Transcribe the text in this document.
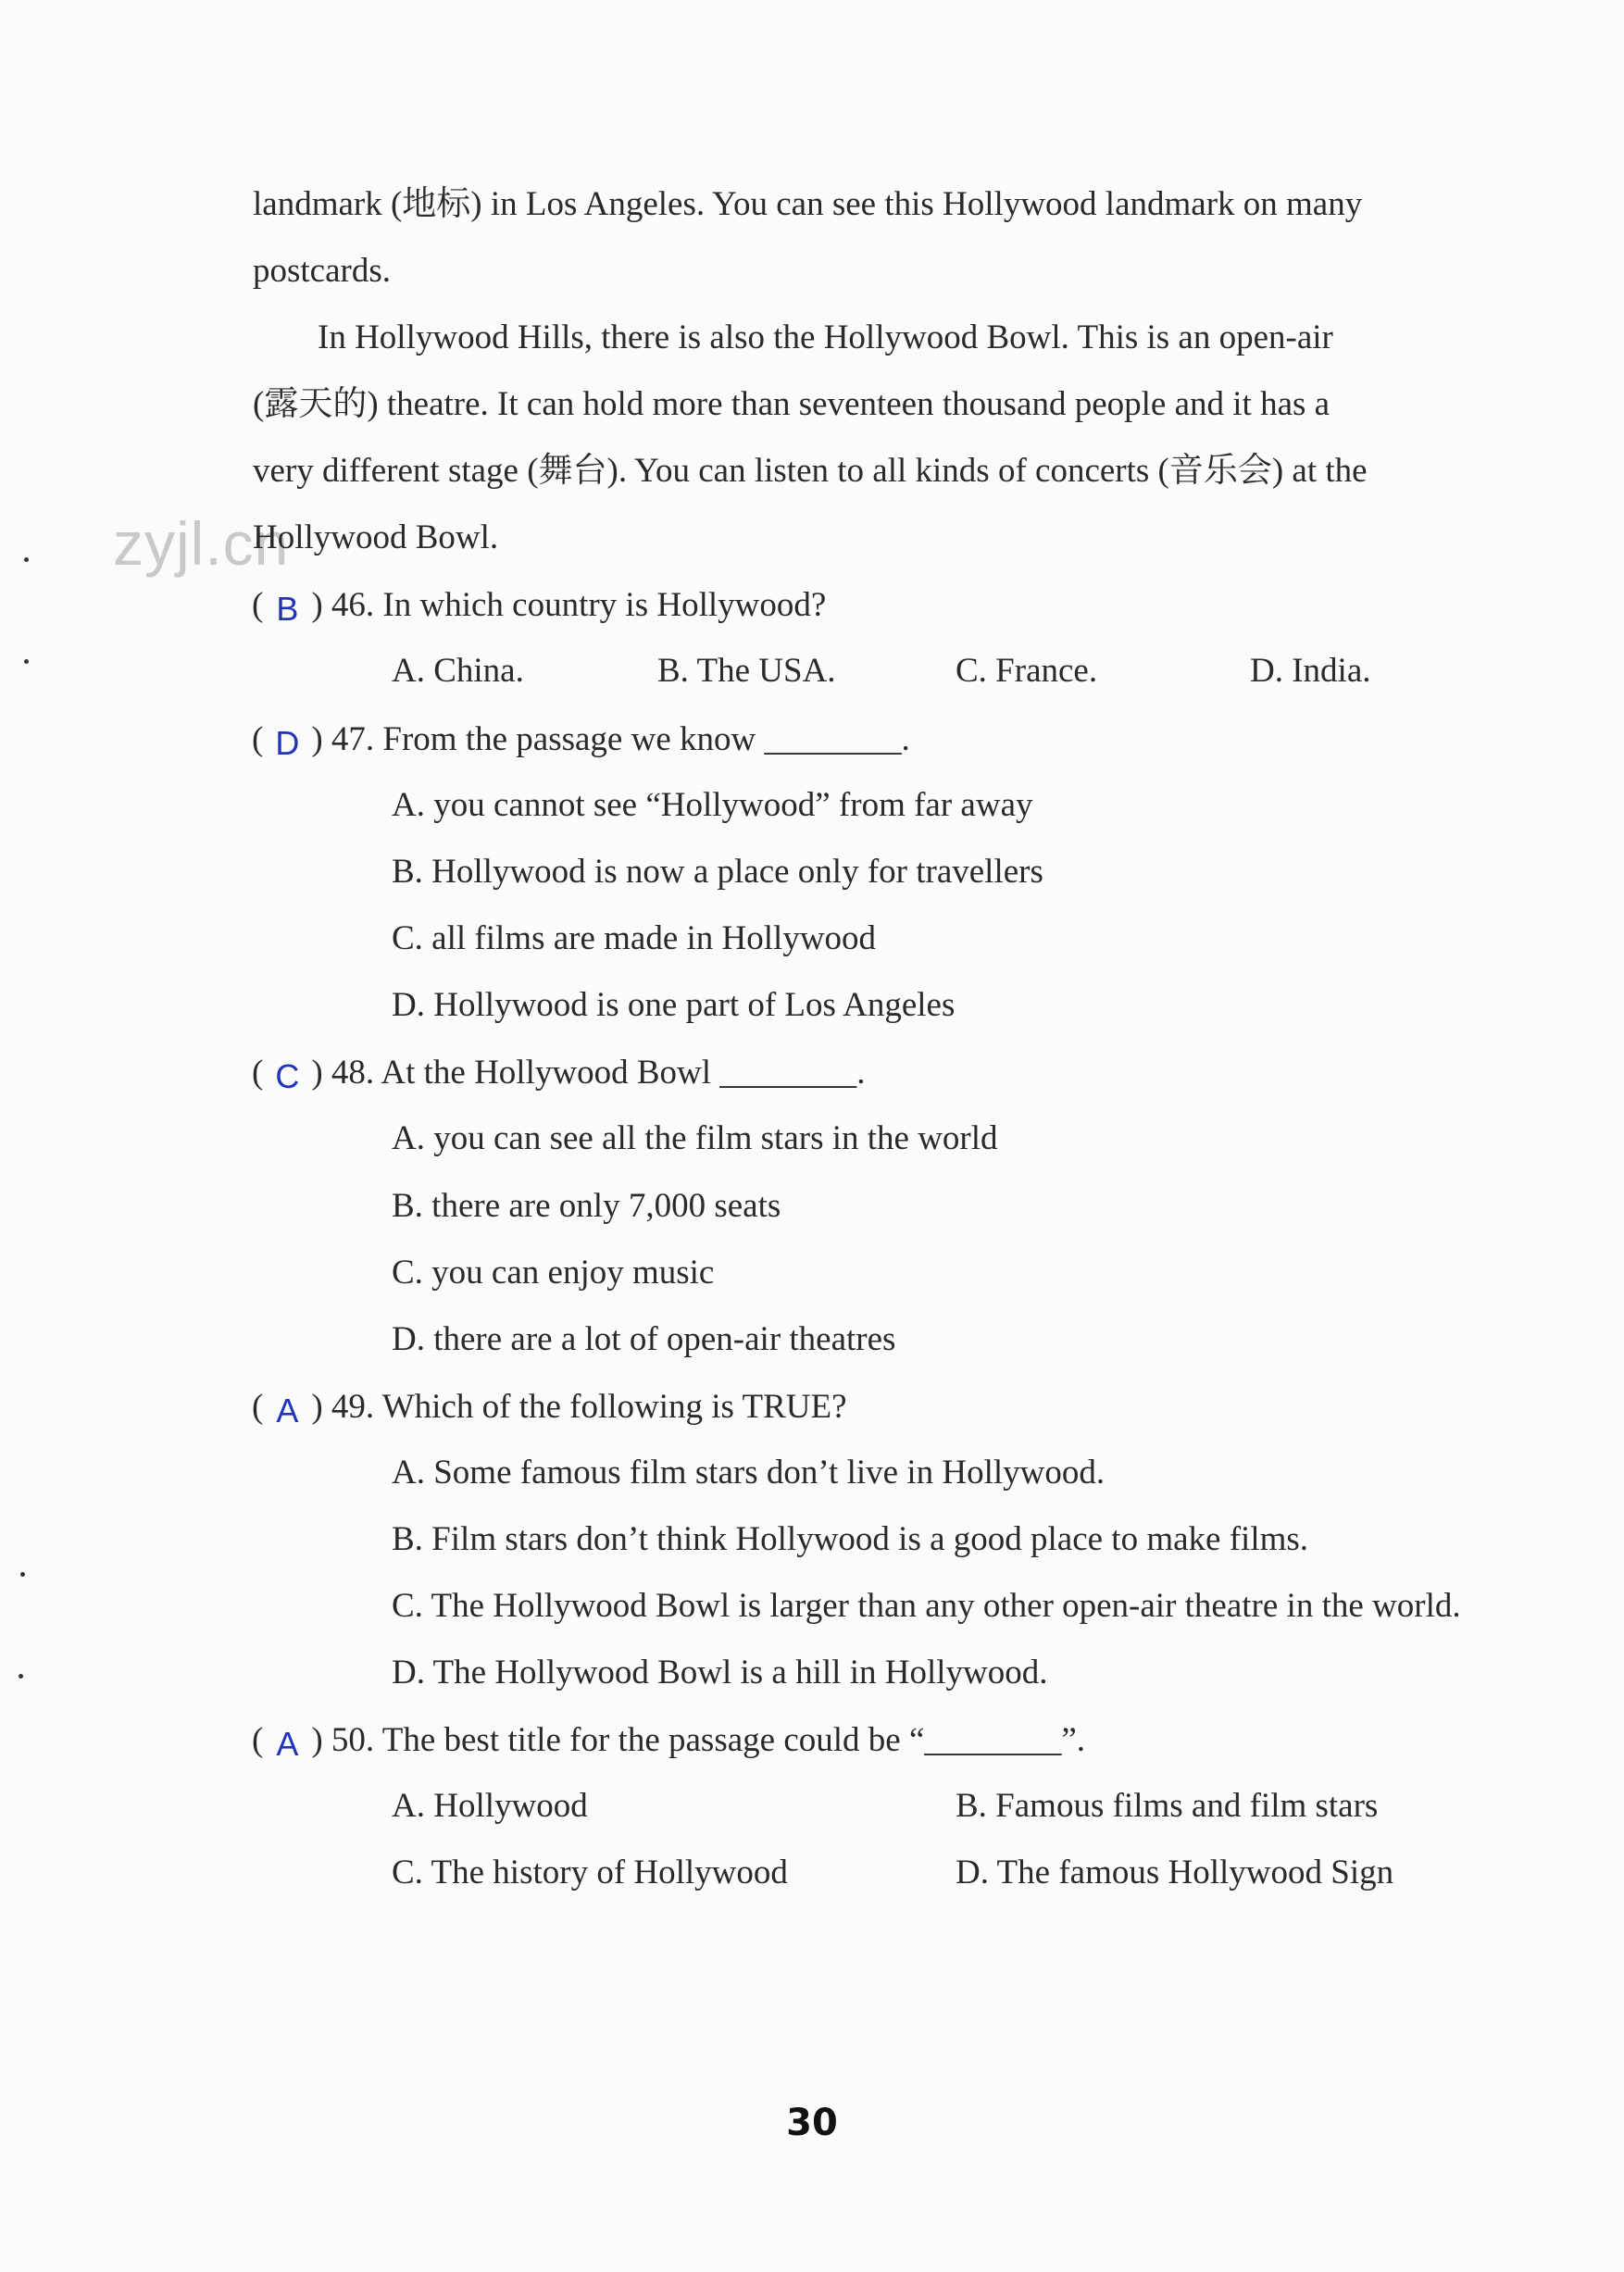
landmark (地标) in Los Angeles. You can see this Hollywood landmark on many
postcards.
In Hollywood Hills, there is also the Hollywood Bowl. This is an open-air
(露天的) theatre. It can hold more than seventeen thousand people and it has a
very different stage (舞台). You can listen to all kinds of concerts (音乐会) at the
zyjl.cn
Hollywood Bowl.
( B ) 46. In which country is Hollywood?
A. China.	B. The USA.	C. France.	D. India.
( D ) 47. From the passage we know ________.
A. you cannot see “Hollywood” from far away
B. Hollywood is now a place only for travellers
C. all films are made in Hollywood
D. Hollywood is one part of Los Angeles
( C ) 48. At the Hollywood Bowl ________.
A. you can see all the film stars in the world
B. there are only 7,000 seats
C. you can enjoy music
D. there are a lot of open-air theatres
( A ) 49. Which of the following is TRUE?
A. Some famous film stars don’t live in Hollywood.
B. Film stars don’t think Hollywood is a good place to make films.
C. The Hollywood Bowl is larger than any other open-air theatre in the world.
D. The Hollywood Bowl is a hill in Hollywood.
( A ) 50. The best title for the passage could be “________”.
A. Hollywood	B. Famous films and film stars
C. The history of Hollywood	D. The famous Hollywood Sign
30
